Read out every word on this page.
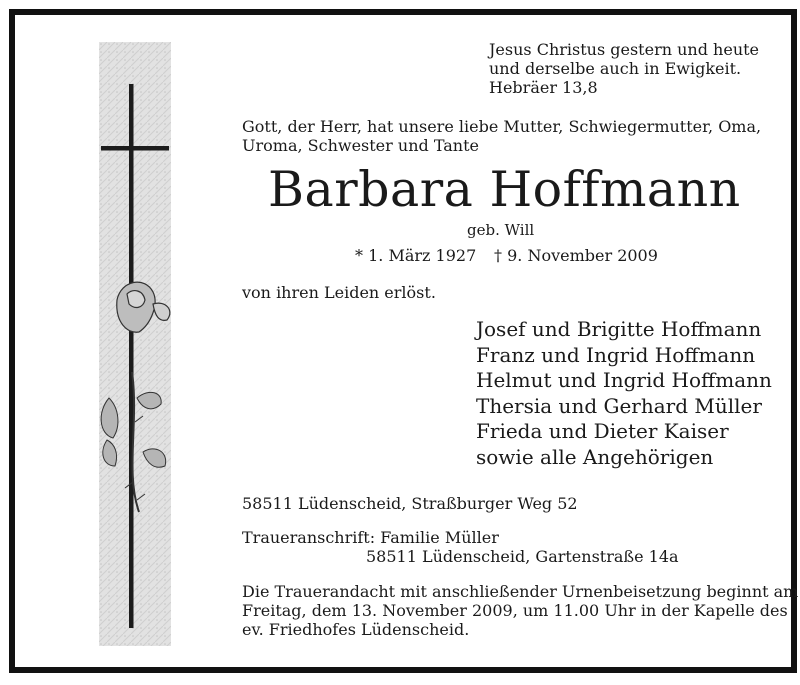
Jesus Christus gestern und heute
und derselbe auch in Ewigkeit.
Hebräer 13,8
Gott, der Herr, hat unsere liebe Mutter, Schwiegermutter, Oma,
Uroma, Schwester und Tante
Barbara Hoffmann
geb. Will
* 1. März 1927 † 9. November 2009
von ihren Leiden erlöst.
Josef und Brigitte Hoffmann
Franz und Ingrid Hoffmann
Helmut und Ingrid Hoffmann
Thersia und Gerhard Müller
Frieda und Dieter Kaiser
sowie alle Angehörigen
58511 Lüdenscheid, Straßburger Weg 52
Traueranschrift: Familie Müller
58511 Lüdenscheid, Gartenstraße 14a
Die Trauerandacht mit anschließender Urnenbeisetzung beginnt am
Freitag, dem 13. November 2009, um 11.00 Uhr in der Kapelle des
ev. Friedhofes Lüdenscheid.
